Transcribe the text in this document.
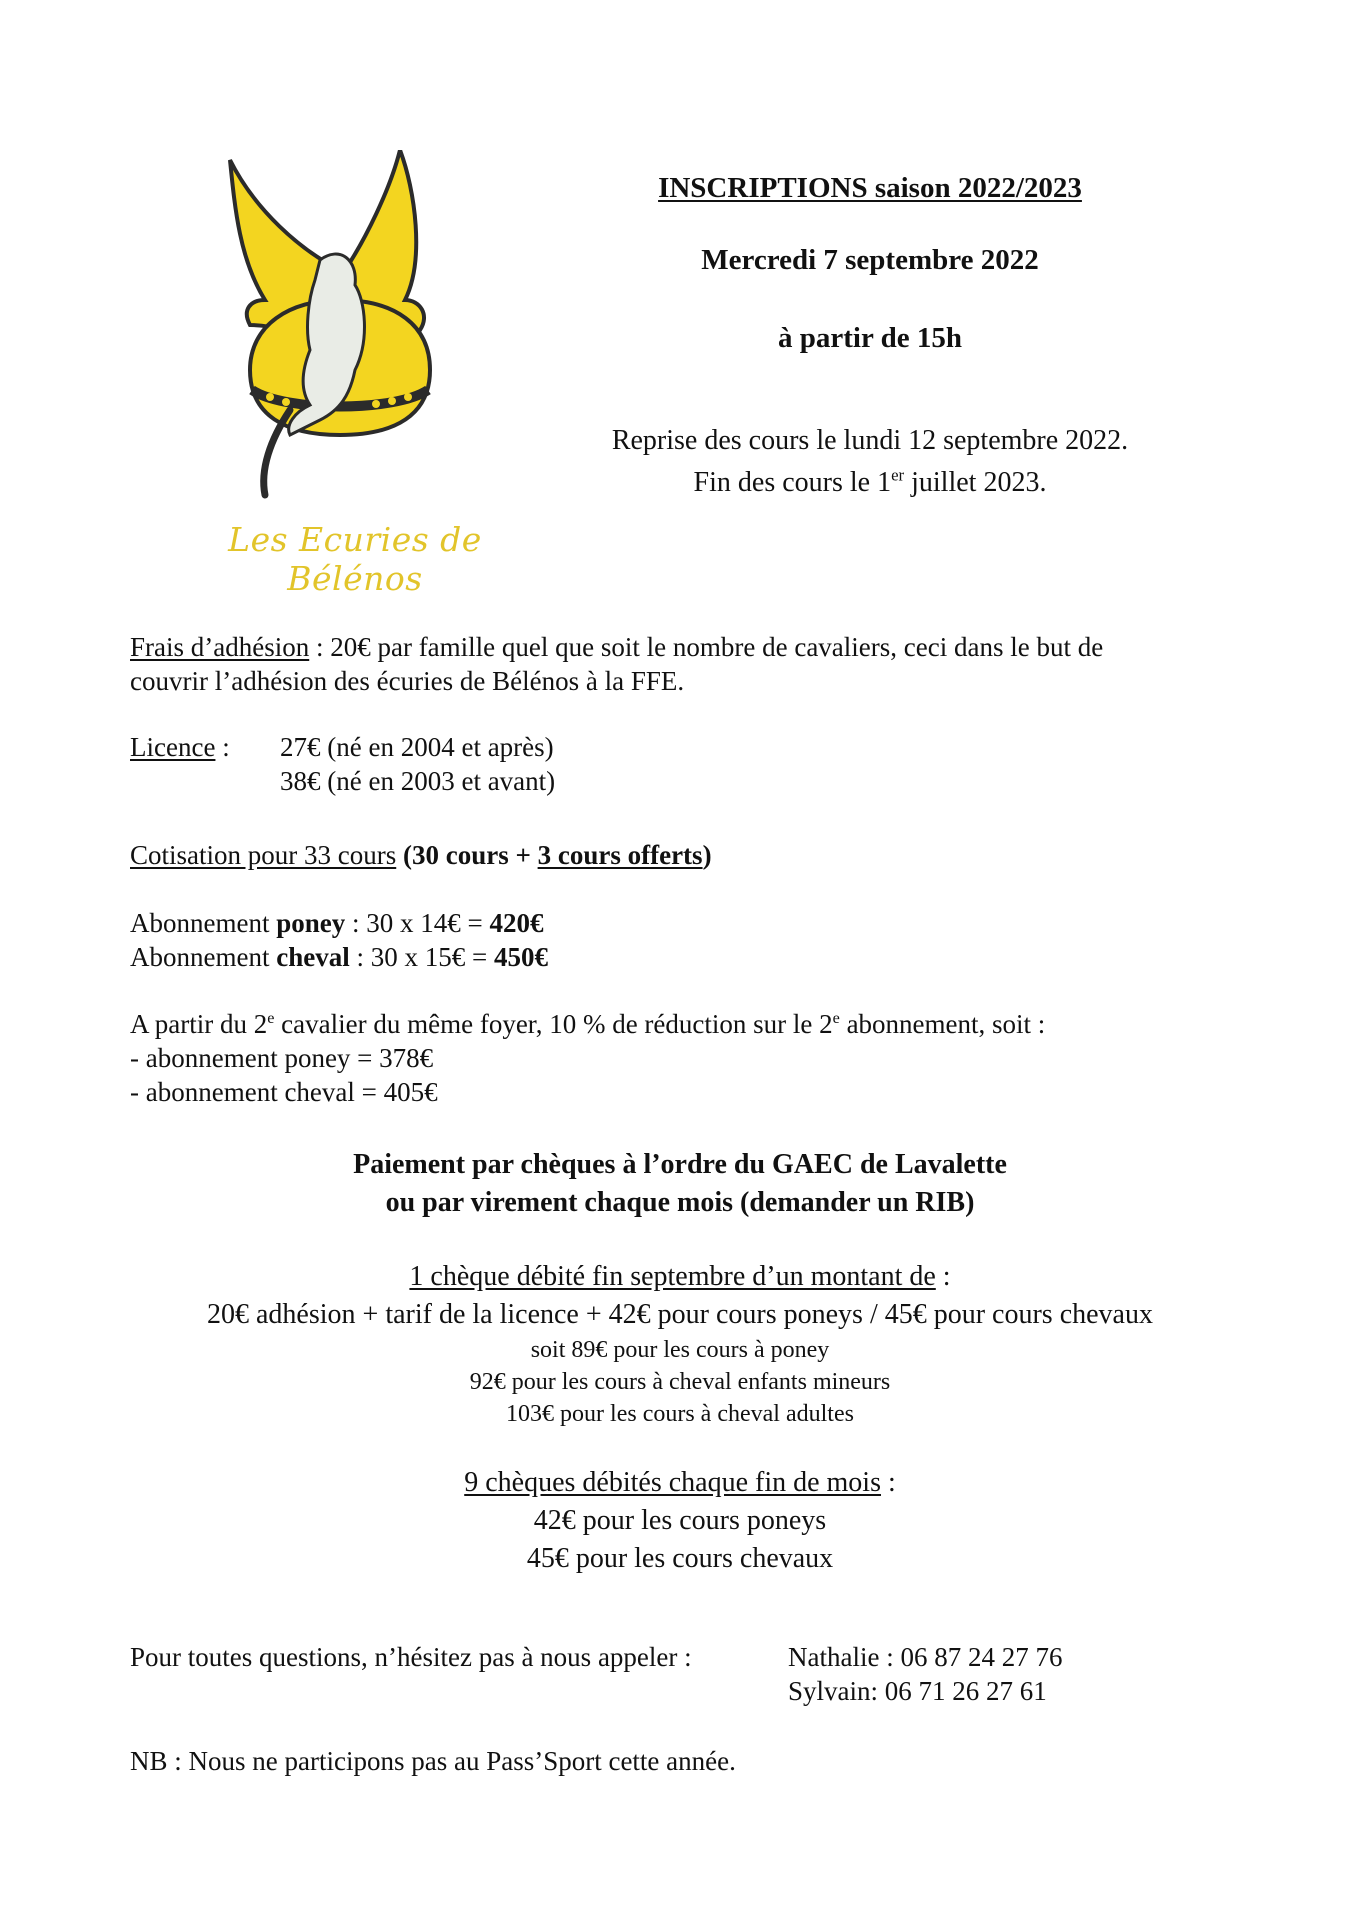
Les Ecuries de Bélénos
INSCRIPTIONS saison 2022/2023
Mercredi 7 septembre 2022
à partir de 15h
Reprise des cours le lundi 12 septembre 2022.
Fin des cours le 1er juillet 2023.
Frais d’adhésion : 20€ par famille quel que soit le nombre de cavaliers, ceci dans le but de
couvrir l’adhésion des écuries de Bélénos à la FFE.
Licence :	27€ (né en 2004 et après)
38€ (né en 2003 et avant)
Cotisation pour 33 cours (30 cours + 3 cours offerts)
Abonnement poney : 30 x 14€ = 420€
Abonnement cheval : 30 x 15€ = 450€
A partir du 2e cavalier du même foyer, 10 % de réduction sur le 2e abonnement, soit :
- abonnement poney = 378€
- abonnement cheval = 405€
Paiement par chèques à l’ordre du GAEC de Lavalette
ou par virement chaque mois (demander un RIB)
1 chèque débité fin septembre d’un montant de :
20€ adhésion + tarif de la licence + 42€ pour cours poneys / 45€ pour cours chevaux
soit 89€ pour les cours à poney
92€ pour les cours à cheval enfants mineurs
103€ pour les cours à cheval adultes
9 chèques débités chaque fin de mois :
42€ pour les cours poneys
45€ pour les cours chevaux
Pour toutes questions, n’hésitez pas à nous appeler :	Nathalie : 06 87 24 27 76
Sylvain: 06 71 26 27 61
NB : Nous ne participons pas au Pass’Sport cette année.
